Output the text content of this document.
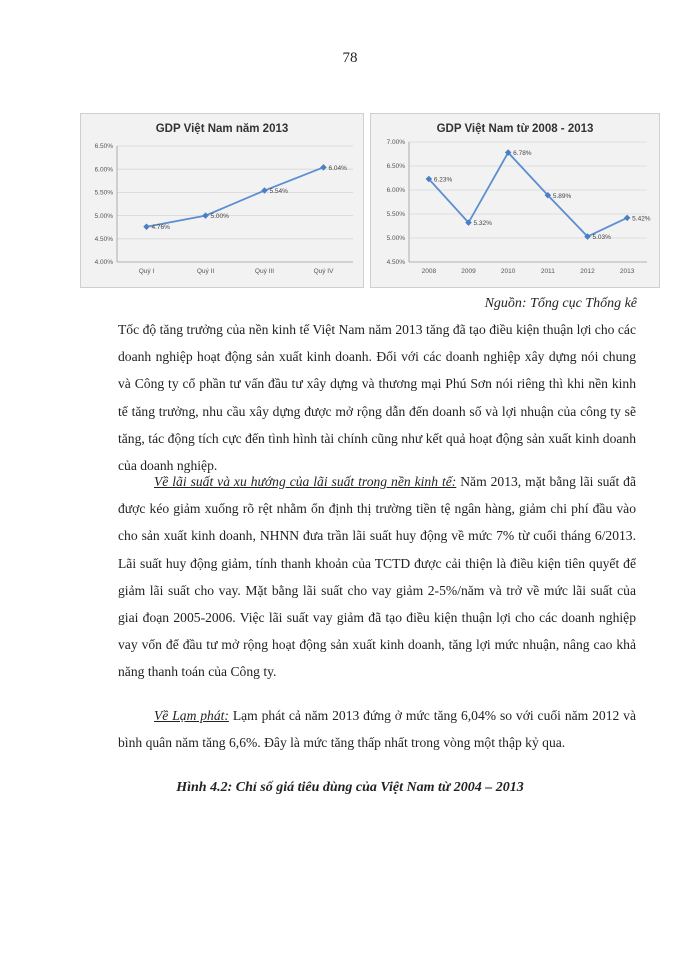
78
GDP Việt Nam năm 2013
4.00%
4.50%
5.00%
5.50%
6.00%
6.50%
Quý I	Quý II	Quý III	Quý IV
4.76%
5.00%
5.54%
6.04%
GDP Việt Nam từ 2008 - 2013
4.50%
5.00%
5.50%
6.00%
6.50%
7.00%
2008	2009	2010	2011	2012	2013
6.23%
5.32%
6.78%
5.89%
5.03%
5.42%
Nguồn: Tổng cục Thống kê

Tốc độ tăng trưởng của nền kinh tế Việt Nam năm 2013 tăng đã tạo điều kiện thuận lợi cho các doanh nghiệp hoạt động sản xuất kinh doanh. Đối với các doanh nghiệp xây dựng nói chung và Công ty cổ phần tư vấn đầu tư xây dựng và thương mại Phú Sơn nói riêng thì khi nền kinh tế tăng trưởng, nhu cầu xây dựng được mở rộng dẫn đến doanh số và lợi nhuận của công ty sẽ tăng, tác động tích cực đến tình hình tài chính cũng như kết quả hoạt động sản xuất kinh doanh của doanh nghiệp.

Về lãi suất và xu hướng của lãi suất trong nền kinh tế: Năm 2013, mặt bằng lãi suất đã được kéo giảm xuống rõ rệt nhằm ổn định thị trường tiền tệ ngân hàng, giảm chi phí đầu vào cho sản xuất kinh doanh, NHNN đưa trần lãi suất huy động về mức 7% từ cuối tháng 6/2013. Lãi suất huy động giảm, tính thanh khoản của TCTD được cải thiện là điều kiện tiên quyết để giảm lãi suất cho vay. Mặt bằng lãi suất cho vay giảm 2-5%/năm và trở về mức lãi suất của giai đoạn 2005-2006. Việc lãi suất vay giảm đã tạo điều kiện thuận lợi cho các doanh nghiệp vay vốn để đầu tư mở rộng hoạt động sản xuất kinh doanh, tăng lợi mức nhuận, nâng cao khả năng thanh toán của Công ty.

Về Lạm phát: Lạm phát cả năm 2013 đứng ở mức tăng 6,04% so với cuối năm 2012 và bình quân năm tăng 6,6%. Đây là mức tăng thấp nhất trong vòng một thập kỷ qua.

Hình 4.2: Chỉ số giá tiêu dùng của Việt Nam từ 2004 – 2013
